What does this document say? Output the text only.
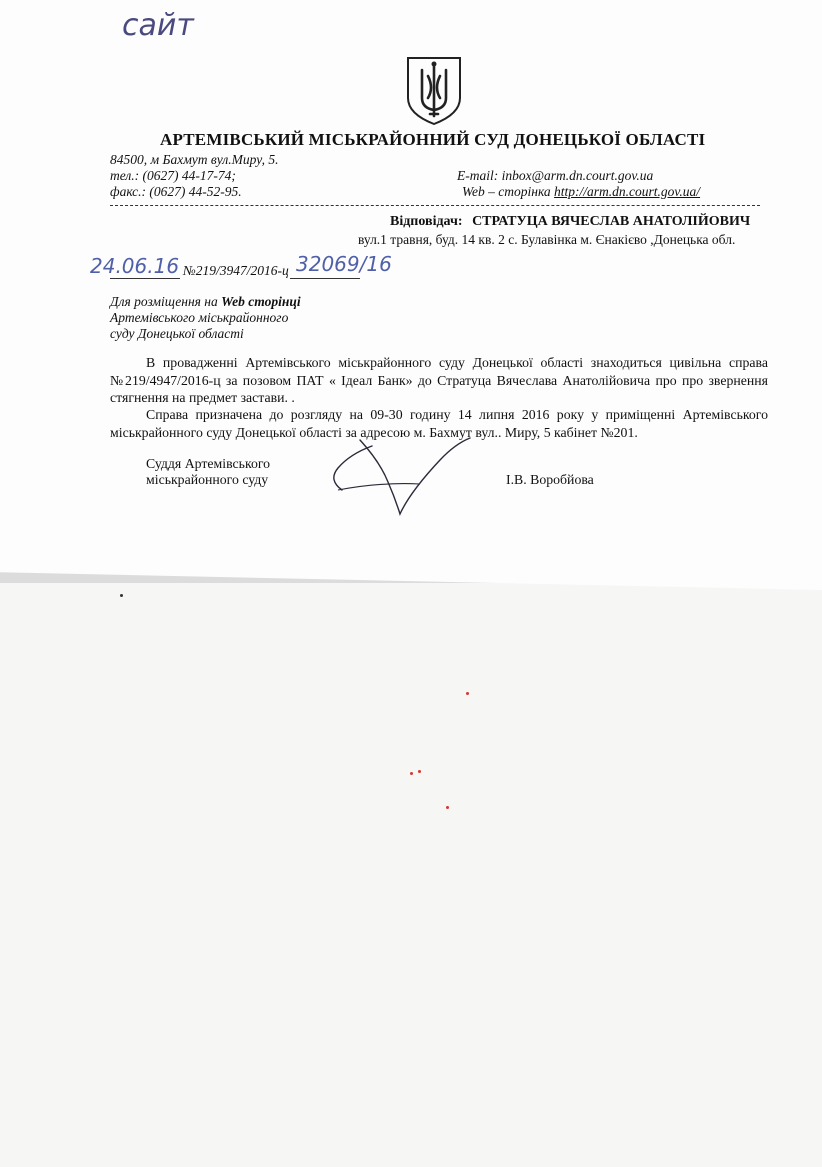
сайт
АРТЕМІВСЬКИЙ МІСЬКРАЙОННИЙ СУД ДОНЕЦЬКОЇ ОБЛАСТІ
84500, м Бахмут вул.Миру, 5.
тел.: (0627) 44-17-74;
факс.: (0627) 44-52-95.
E-mail: inbox@arm.dn.court.gov.ua
Web – сторінка http://arm.dn.court.gov.ua/
Відповідач: СТРАТУЦА ВЯЧЕСЛАВ АНАТОЛІЙОВИЧ
вул.1 травня, буд. 14 кв. 2 с. Булавінка м. Єнакієво ,Донецька обл.
24.06.16 №219/3947/2016-ц 32069/16
Для розміщення на Web сторінці
Артемівського міськрайонного
суду Донецької області
В провадженні Артемівського міськрайонного суду Донецької області знаходиться цивільна справа №219/4947/2016-ц за позовом ПАТ « Ідеал Банк» до Стратуца Вячеслава Анатолійовича про про звернення стягнення на предмет застави. .
Справа призначена до розгляду на 09-30 годину 14 липня 2016 року у приміщенні Артемівського міськрайонного суду Донецької області за адресою м. Бахмут вул.. Миру, 5 кабінет №201.
Суддя Артемівського
міськрайонного суду	І.В. Воробйова
